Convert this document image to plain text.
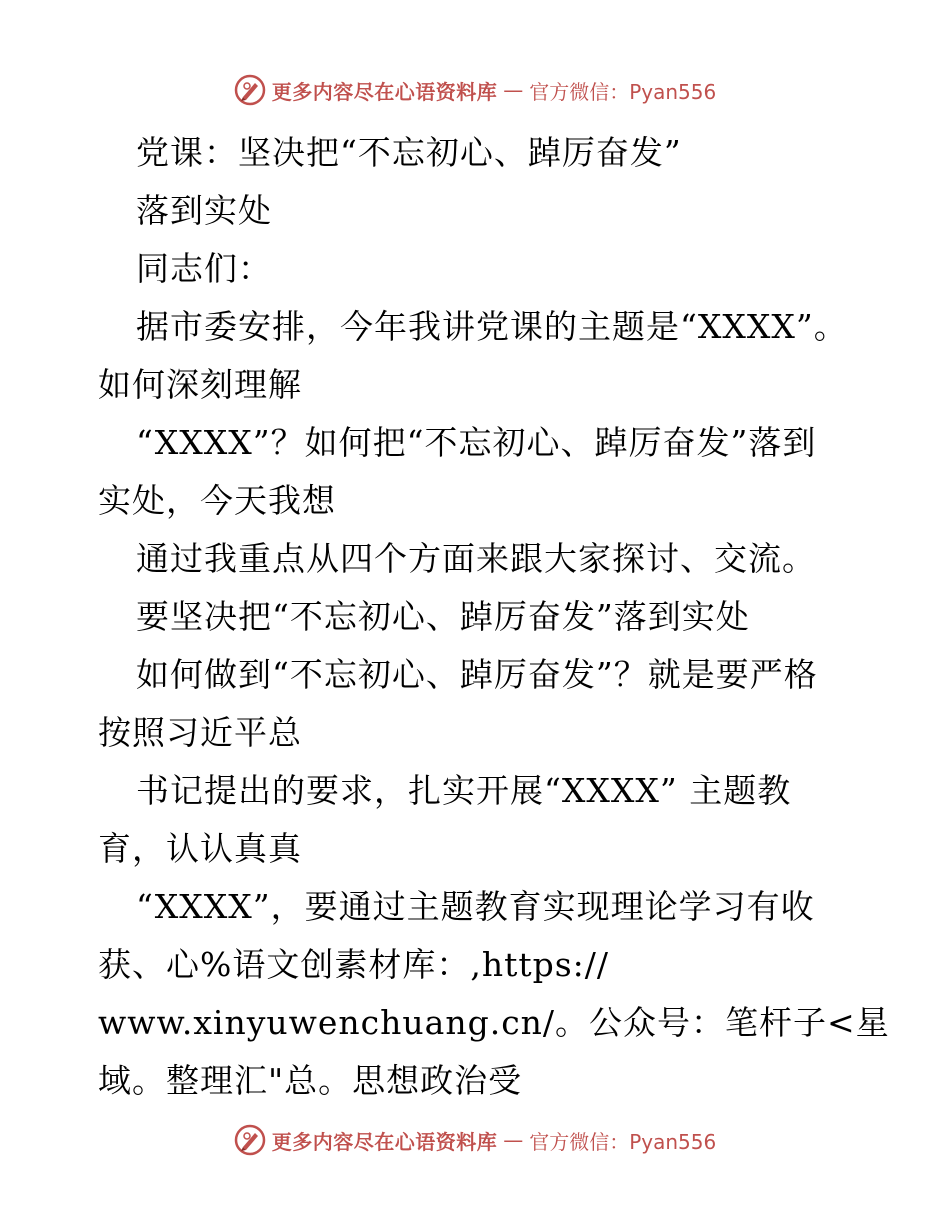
更多内容尽在心语资料库 — 官方微信：Pyan556
党课：坚决把“不忘初心、踔厉奋发”
落到实处
同志们：
据市委安排，今年我讲党课的主题是“XXXX”。
如何深刻理解
“XXXX”？如何把“不忘初心、踔厉奋发”落到
实处，今天我想
通过我重点从四个方面来跟大家探讨、交流。
要坚决把“不忘初心、踔厉奋发”落到实处
如何做到“不忘初心、踔厉奋发”？就是要严格
按照习近平总
书记提出的要求，扎实开展“XXXX” 主题教
育，认认真真
“XXXX”，要通过主题教育实现理论学习有收
获、心%语文创素材库：,https://
www.xinyuwenchuang.cn/。公众号：笔杆子<星
域。整理汇"总。思想政治受
更多内容尽在心语资料库 — 官方微信：Pyan556
